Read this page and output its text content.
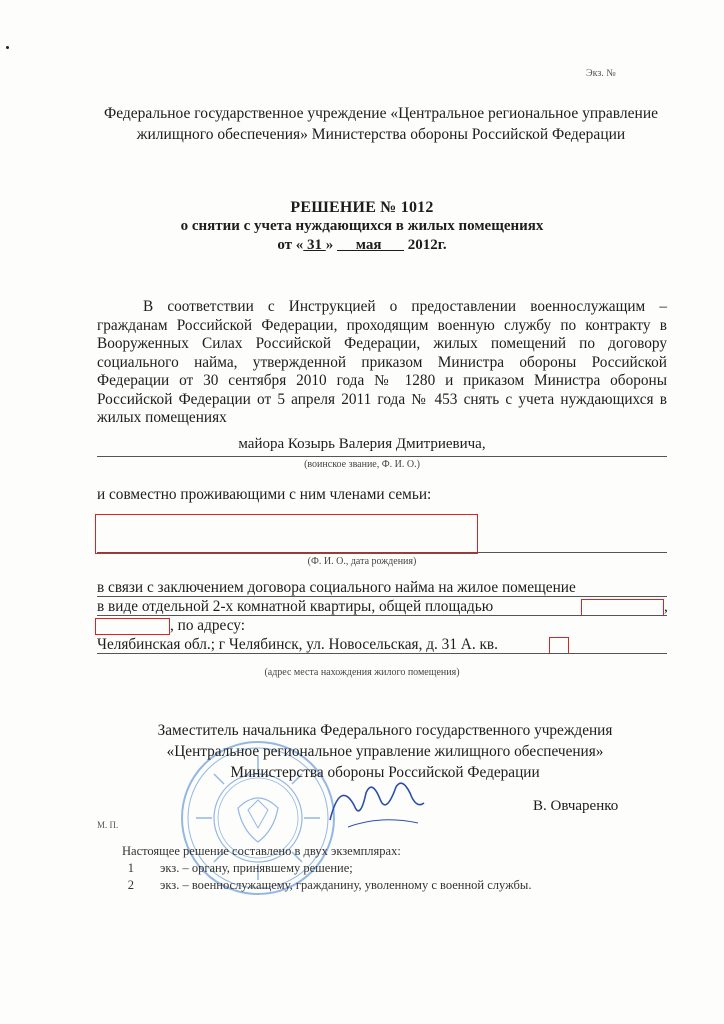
Экз. №
Федеральное государственное учреждение «Центральное региональное управление жилищного обеспечения» Министерства обороны Российской Федерации
РЕШЕНИЕ № 1012
о снятии с учета нуждающихся в жилых помещениях
от « 31 »      мая       2012г.

В соответствии с Инструкцией о предоставлении военнослужащим – гражданам Российской Федерации, проходящим военную службу по контракту в Вооруженных Силах Российской Федерации, жилых помещений по договору социального найма, утвержденной приказом Министра обороны Российской Федерации от 30 сентября 2010 года № 1280 и приказом Министра обороны Российской Федерации от 5 апреля 2011 года № 453 снять с учета нуждающихся в жилых помещениях

майора Козырь Валерия Дмитриевича,
(воинское звание, Ф. И. О.)
и совместно проживающими с ним членами семьи:
(Ф. И. О., дата рождения)
в связи с заключением договора социального найма на жилое помещение
в виде отдельной 2-х комнатной квартиры, общей площадью	,
, по адресу:
Челябинская обл.; г Челябинск, ул. Новосельская, д. 31 А. кв.
(адрес места нахождения жилого помещения)
Заместитель начальника Федерального государственного учреждения
«Центральное региональное управление жилищного обеспечения»
Министерства обороны Российской Федерации
В. Овчаренко
М. П.
Настоящее решение составлено в двух экземплярах:
1	экз. – органу, принявшему решение;
2	экз. – военнослужащему, гражданину, уволенному с военной службы.
